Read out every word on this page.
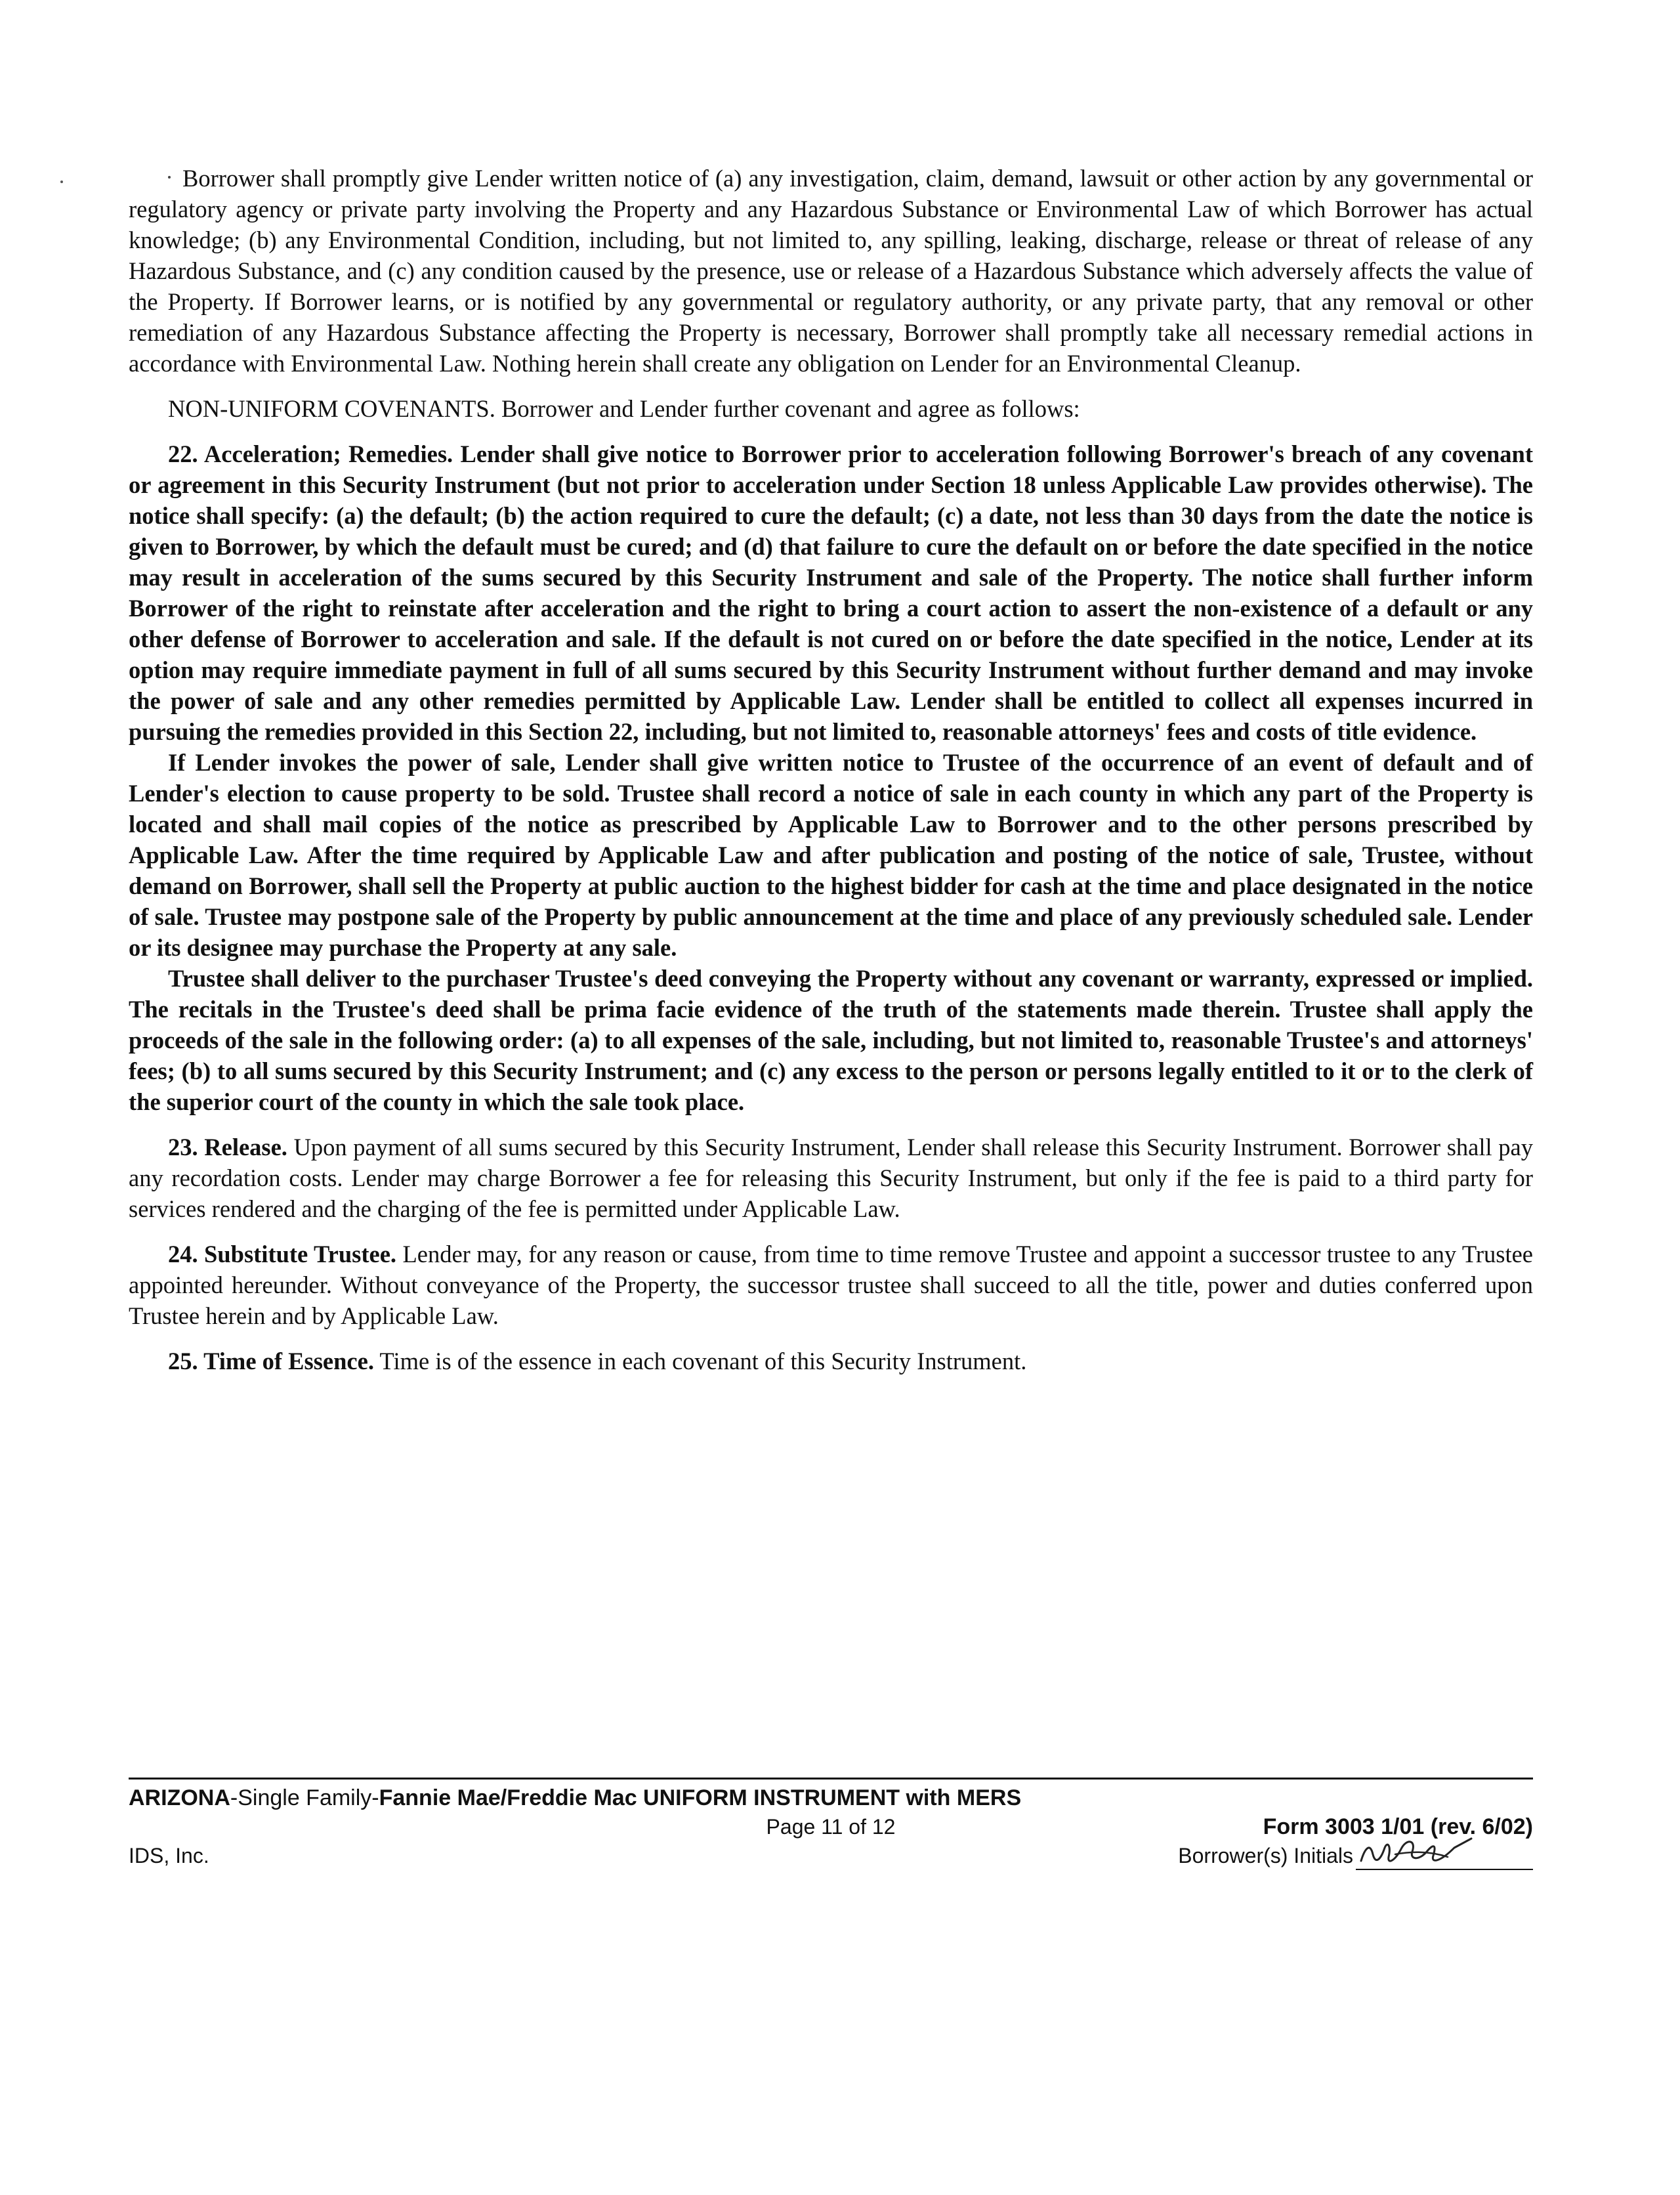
Borrower shall promptly give Lender written notice of (a) any investigation, claim, demand, lawsuit or other action by any governmental or regulatory agency or private party involving the Property and any Hazardous Substance or Environmental Law of which Borrower has actual knowledge; (b) any Environmental Condition, including, but not limited to, any spilling, leaking, discharge, release or threat of release of any Hazardous Substance, and (c) any condition caused by the presence, use or release of a Hazardous Substance which adversely affects the value of the Property. If Borrower learns, or is notified by any governmental or regulatory authority, or any private party, that any removal or other remediation of any Hazardous Substance affecting the Property is necessary, Borrower shall promptly take all necessary remedial actions in accordance with Environmental Law. Nothing herein shall create any obligation on Lender for an Environmental Cleanup.

NON-UNIFORM COVENANTS. Borrower and Lender further covenant and agree as follows:

22. Acceleration; Remedies. Lender shall give notice to Borrower prior to acceleration following Borrower's breach of any covenant or agreement in this Security Instrument (but not prior to acceleration under Section 18 unless Applicable Law provides otherwise). The notice shall specify: (a) the default; (b) the action required to cure the default; (c) a date, not less than 30 days from the date the notice is given to Borrower, by which the default must be cured; and (d) that failure to cure the default on or before the date specified in the notice may result in acceleration of the sums secured by this Security Instrument and sale of the Property. The notice shall further inform Borrower of the right to reinstate after acceleration and the right to bring a court action to assert the non-existence of a default or any other defense of Borrower to acceleration and sale. If the default is not cured on or before the date specified in the notice, Lender at its option may require immediate payment in full of all sums secured by this Security Instrument without further demand and may invoke the power of sale and any other remedies permitted by Applicable Law. Lender shall be entitled to collect all expenses incurred in pursuing the remedies provided in this Section 22, including, but not limited to, reasonable attorneys' fees and costs of title evidence.

If Lender invokes the power of sale, Lender shall give written notice to Trustee of the occurrence of an event of default and of Lender's election to cause property to be sold. Trustee shall record a notice of sale in each county in which any part of the Property is located and shall mail copies of the notice as prescribed by Applicable Law to Borrower and to the other persons prescribed by Applicable Law. After the time required by Applicable Law and after publication and posting of the notice of sale, Trustee, without demand on Borrower, shall sell the Property at public auction to the highest bidder for cash at the time and place designated in the notice of sale. Trustee may postpone sale of the Property by public announcement at the time and place of any previously scheduled sale. Lender or its designee may purchase the Property at any sale.

Trustee shall deliver to the purchaser Trustee's deed conveying the Property without any covenant or warranty, expressed or implied. The recitals in the Trustee's deed shall be prima facie evidence of the truth of the statements made therein. Trustee shall apply the proceeds of the sale in the following order: (a) to all expenses of the sale, including, but not limited to, reasonable Trustee's and attorneys' fees; (b) to all sums secured by this Security Instrument; and (c) any excess to the person or persons legally entitled to it or to the clerk of the superior court of the county in which the sale took place.

23. Release. Upon payment of all sums secured by this Security Instrument, Lender shall release this Security Instrument. Borrower shall pay any recordation costs. Lender may charge Borrower a fee for releasing this Security Instrument, but only if the fee is paid to a third party for services rendered and the charging of the fee is permitted under Applicable Law.

24. Substitute Trustee. Lender may, for any reason or cause, from time to time remove Trustee and appoint a successor trustee to any Trustee appointed hereunder. Without conveyance of the Property, the successor trustee shall succeed to all the title, power and duties conferred upon Trustee herein and by Applicable Law.

25. Time of Essence. Time is of the essence in each covenant of this Security Instrument.

ARIZONA-Single Family-Fannie Mae/Freddie Mac UNIFORM INSTRUMENT with MERS
Page 11 of 12	Form 3003 1/01 (rev. 6/02)
IDS, Inc.	Borrower(s) Initials
